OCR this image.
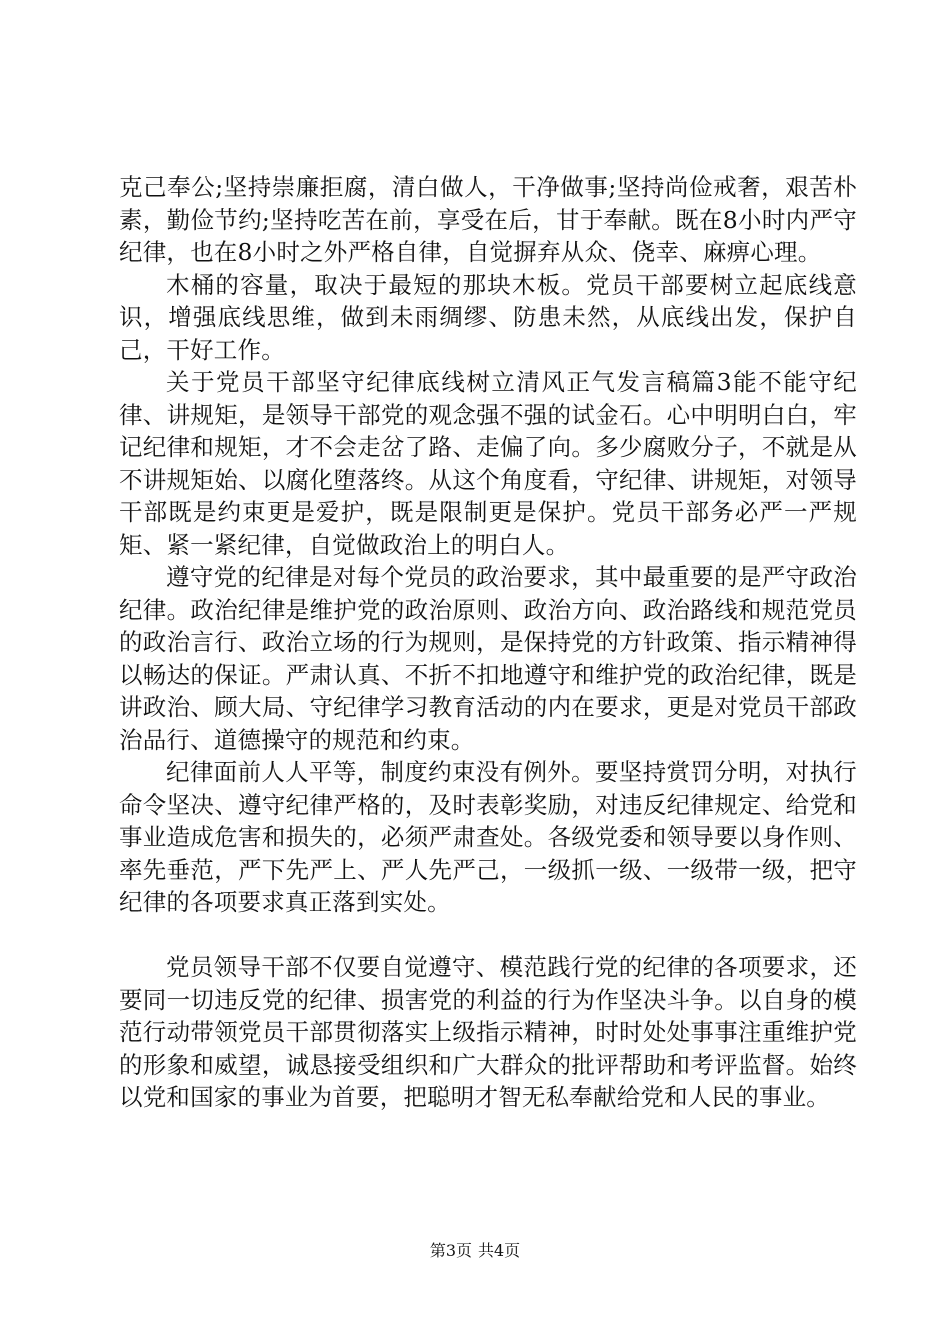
克己奉公;坚持崇廉拒腐，清白做人，干净做事;坚持尚俭戒奢，艰苦朴素，勤俭节约;坚持吃苦在前，享受在后，甘于奉献。既在8小时内严守纪律，也在8小时之外严格自律，自觉摒弃从众、侥幸、麻痹心理。

木桶的容量，取决于最短的那块木板。党员干部要树立起底线意识，增强底线思维，做到未雨绸缪、防患未然，从底线出发，保护自己，干好工作。

关于党员干部坚守纪律底线树立清风正气发言稿篇3能不能守纪律、讲规矩，是领导干部党的观念强不强的试金石。心中明明白白，牢记纪律和规矩，才不会走岔了路、走偏了向。多少腐败分子，不就是从不讲规矩始、以腐化堕落终。从这个角度看，守纪律、讲规矩，对领导干部既是约束更是爱护，既是限制更是保护。党员干部务必严一严规矩、紧一紧纪律，自觉做政治上的明白人。

遵守党的纪律是对每个党员的政治要求，其中最重要的是严守政治纪律。政治纪律是维护党的政治原则、政治方向、政治路线和规范党员的政治言行、政治立场的行为规则，是保持党的方针政策、指示精神得以畅达的保证。严肃认真、不折不扣地遵守和维护党的政治纪律，既是讲政治、顾大局、守纪律学习教育活动的内在要求，更是对党员干部政治品行、道德操守的规范和约束。

纪律面前人人平等，制度约束没有例外。要坚持赏罚分明，对执行命令坚决、遵守纪律严格的，及时表彰奖励，对违反纪律规定、给党和事业造成危害和损失的，必须严肃查处。各级党委和领导要以身作则、率先垂范，严下先严上、严人先严己，一级抓一级、一级带一级，把守纪律的各项要求真正落到实处。

党员领导干部不仅要自觉遵守、模范践行党的纪律的各项要求，还要同一切违反党的纪律、损害党的利益的行为作坚决斗争。以自身的模范行动带领党员干部贯彻落实上级指示精神，时时处处事事注重维护党的形象和威望，诚恳接受组织和广大群众的批评帮助和考评监督。始终以党和国家的事业为首要，把聪明才智无私奉献给党和人民的事业。

第3页 共4页
